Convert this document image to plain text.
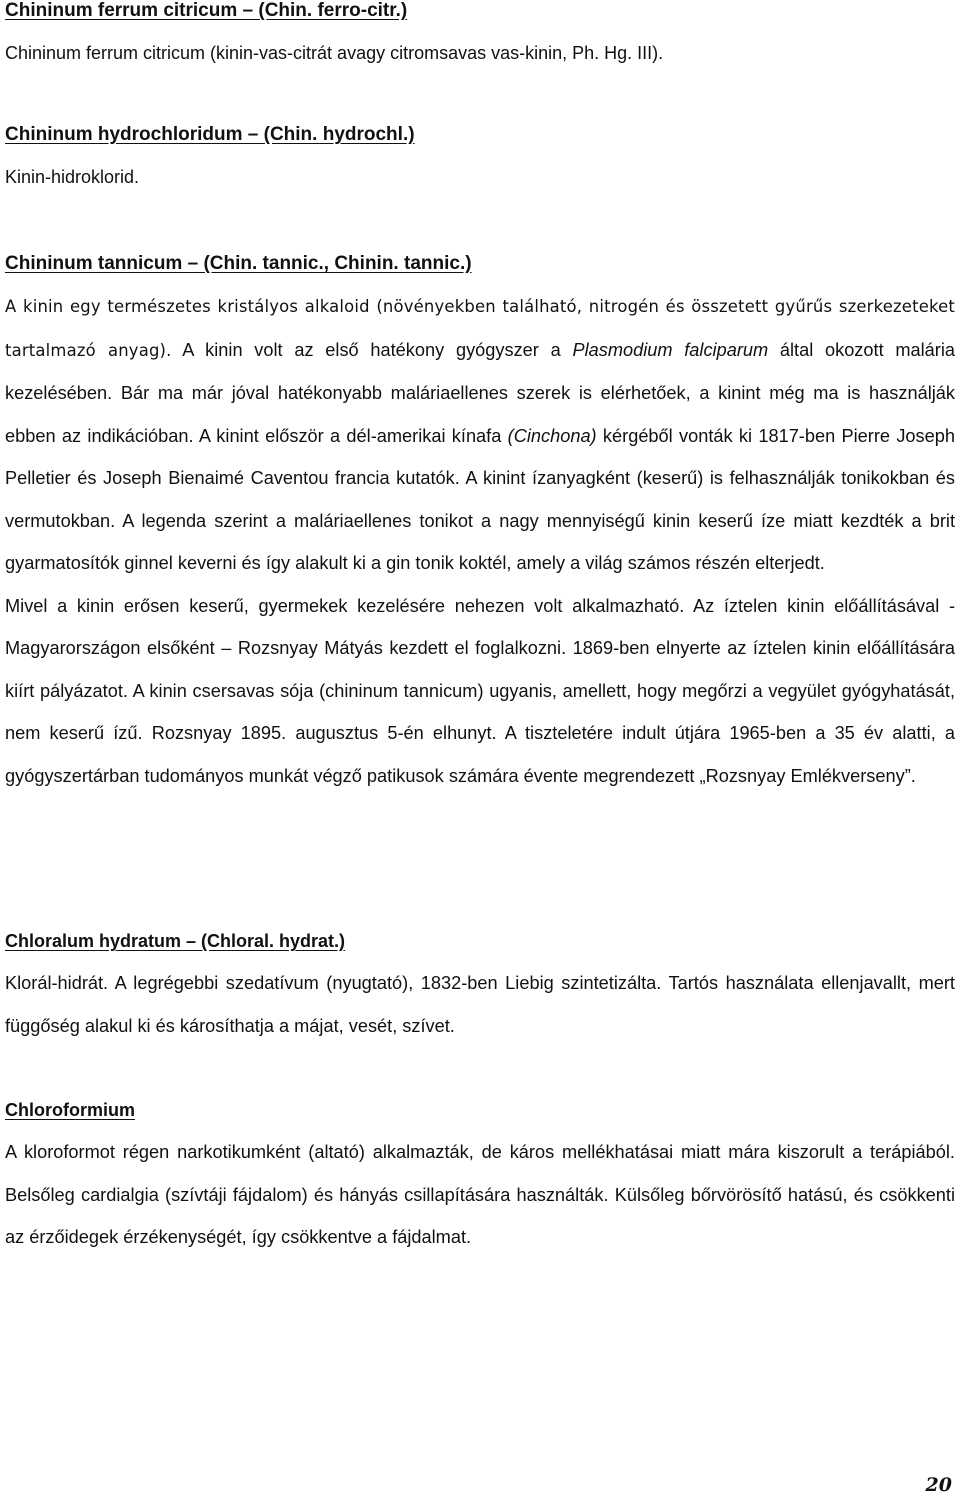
Chininum ferrum citricum – (Chin. ferro-citr.)
Chininum ferrum citricum (kinin-vas-citrát avagy citromsavas vas-kinin, Ph. Hg. III).
Chininum hydrochloridum – (Chin. hydrochl.)
Kinin-hidroklorid.
Chininum tannicum – (Chin. tannic., Chinin. tannic.)

A kinin egy természetes kristályos alkaloid (növényekben található, nitrogén és összetett gyűrűs szerkezeteket tartalmazó anyag). A kinin volt az első hatékony gyógyszer a Plasmodium falciparum által okozott malária kezelésében. Bár ma már jóval hatékonyabb maláriaellenes szerek is elérhetőek, a kinint még ma is használják ebben az indikációban. A kinint először a dél-amerikai kínafa (Cinchona) kérgéből vonták ki 1817-ben Pierre Joseph Pelletier és Joseph Bienaimé Caventou francia kutatók. A kinint ízanyagként (keserű) is felhasználják tonikokban és vermutokban. A legenda szerint a maláriaellenes tonikot a nagy mennyiségű kinin keserű íze miatt kezdték a brit gyarmatosítók ginnel keverni és így alakult ki a gin tonik koktél, amely a világ számos részén elterjedt.

Mivel a kinin erősen keserű, gyermekek kezelésére nehezen volt alkalmazható. Az íztelen kinin előállításával - Magyarországon elsőként – Rozsnyay Mátyás kezdett el foglalkozni. 1869-ben elnyerte az íztelen kinin előállítására kiírt pályázatot. A kinin csersavas sója (chininum tannicum) ugyanis, amellett, hogy megőrzi a vegyület gyógyhatását, nem keserű ízű. Rozsnyay 1895. augusztus 5-én elhunyt. A tiszteletére indult útjára 1965-ben a 35 év alatti, a gyógyszertárban tudományos munkát végző patikusok számára évente megrendezett „Rozsnyay Emlékverseny”.

Chloralum hydratum – (Chloral. hydrat.)

Klorál-hidrát. A legrégebbi szedatívum (nyugtató), 1832-ben Liebig szintetizálta. Tartós használata ellenjavallt, mert függőség alakul ki és károsíthatja a májat, vesét, szívet.

Chloroformium

A kloroformot régen narkotikumként (altató) alkalmazták, de káros mellékhatásai miatt mára kiszorult a terápiából. Belsőleg cardialgia (szívtáji fájdalom) és hányás csillapítására használták. Külsőleg bőrvörösítő hatású, és csökkenti az érzőidegek érzékenységét, így csökkentve a fájdalmat.

20
